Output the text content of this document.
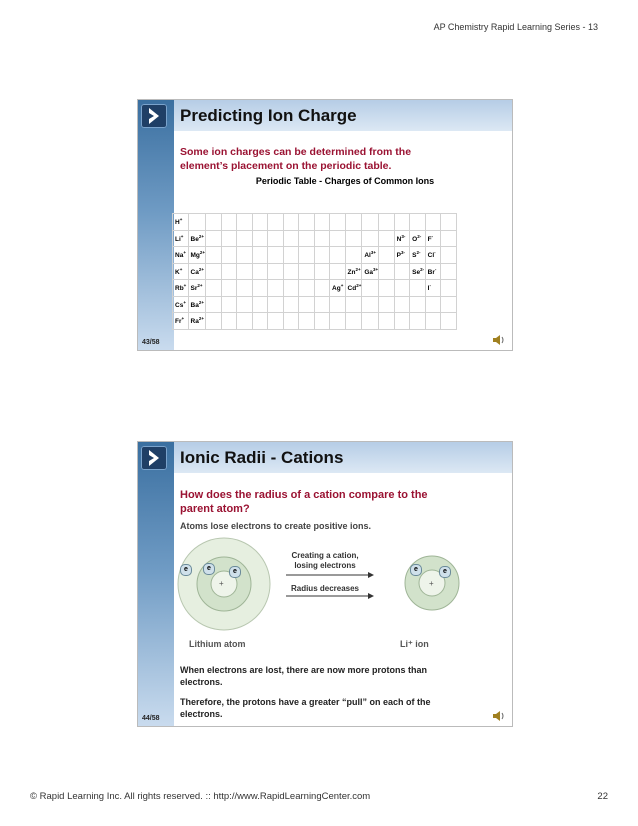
AP Chemistry Rapid Learning Series - 13
Predicting Ion Charge
Some ion charges can be determined from the
element’s placement on the periodic table.
Periodic Table - Charges of Common Ions
H+																	
Li+	$Be^{2+}$													$N^{3-}$	$O^{2-}$	F-	
Na+	$Mg^{2+}$											$Al^{3+}$		$P^{3-}$	$S^{2-}$	Cl-	
K+	$Ca^{2+}$										$Zn^{2+}$	$Ga^{3+}$			$Se^{2-}$	Br-	
Rb+	$Sr^{2+}$									Ag+	$Cd^{2+}$					I-	
Cs+	$Ba^{2+}$																
Fr+	$Ra^{2+}$																
43/58
Ionic Radii - Cations
How does the radius of a cation compare to the
parent atom?
Atoms lose electrons to create positive ions.
+
e	e	e
Creating a cation,
losing electrons
Radius decreases
+
e	e
Lithium atom	Li⁺ ion
When electrons are lost, there are now more protons than
electrons.
Therefore, the protons have a greater “pull” on each of the
electrons.
44/58
© Rapid Learning Inc. All rights reserved. :: http://www.RapidLearningCenter.com	22
